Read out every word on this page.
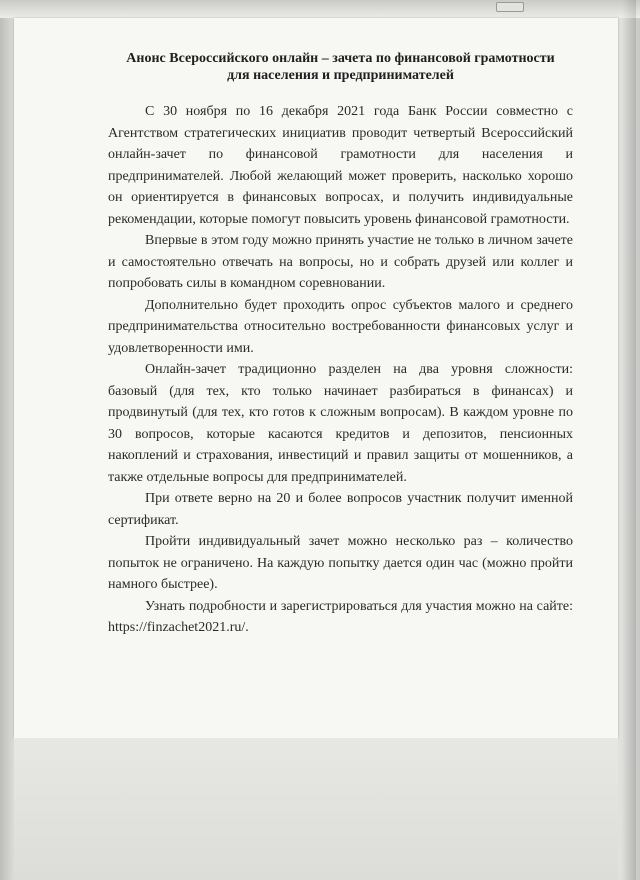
Анонс Всероссийского онлайн – зачета по финансовой грамотности для населения и предпринимателей

С 30 ноября по 16 декабря 2021 года Банк России совместно с Агентством стратегических инициатив проводит четвертый Всероссийский онлайн-зачет по финансовой грамотности для населения и предпринимателей. Любой желающий может проверить, насколько хорошо он ориентируется в финансовых вопросах, и получить индивидуальные рекомендации, которые помогут повысить уровень финансовой грамотности.

Впервые в этом году можно принять участие не только в личном зачете и самостоятельно отвечать на вопросы, но и собрать друзей или коллег и попробовать силы в командном соревновании.

Дополнительно будет проходить опрос субъектов малого и среднего предпринимательства относительно востребованности финансовых услуг и удовлетворенности ими.

Онлайн-зачет традиционно разделен на два уровня сложности: базовый (для тех, кто только начинает разбираться в финансах) и продвинутый (для тех, кто готов к сложным вопросам). В каждом уровне по 30 вопросов, которые касаются кредитов и депозитов, пенсионных накоплений и страхования, инвестиций и правил защиты от мошенников, а также отдельные вопросы для предпринимателей.

При ответе верно на 20 и более вопросов участник получит именной сертификат.

Пройти индивидуальный зачет можно несколько раз – количество попыток не ограничено. На каждую попытку дается один час (можно пройти намного быстрее).

Узнать подробности и зарегистрироваться для участия можно на сайте: https://finzachet2021.ru/.
